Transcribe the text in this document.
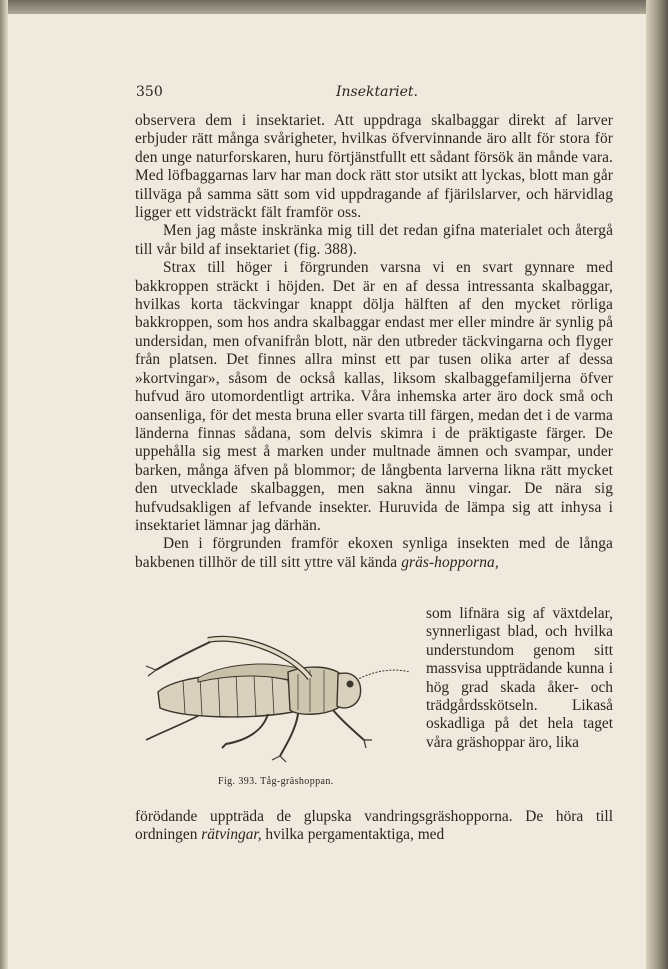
350	Insektariet.

observera dem i insektariet. Att uppdraga skalbaggar direkt af larver erbjuder rätt många svårigheter, hvilkas öfvervinnande äro allt för stora för den unge naturforskaren, huru förtjänstfullt ett sådant försök än månde vara. Med löfbaggarnas larv har man dock rätt stor utsikt att lyckas, blott man går tillväga på samma sätt som vid uppdragande af fjärilslarver, och härvidlag ligger ett vidsträckt fält framför oss.

Men jag måste inskränka mig till det redan gifna materialet och återgå till vår bild af insektariet (fig. 388).

Strax till höger i förgrunden varsna vi en svart gynnare med bakkroppen sträckt i höjden. Det är en af dessa intressanta skalbaggar, hvilkas korta täckvingar knappt dölja hälften af den mycket rörliga bakkroppen, som hos andra skalbaggar endast mer eller mindre är synlig på undersidan, men ofvanifrån blott, när den utbreder täckvingarna och flyger från platsen. Det finnes allra minst ett par tusen olika arter af dessa »kortvingar», såsom de också kallas, liksom skalbaggefamiljerna öfver hufvud äro utomordentligt artrika. Våra inhemska arter äro dock små och oansenliga, för det mesta bruna eller svarta till färgen, medan det i de varma länderna finnas sådana, som delvis skimra i de präktigaste färger. De uppehålla sig mest å marken under multnade ämnen och svampar, under barken, många äfven på blommor; de långbenta larverna likna rätt mycket den utvecklade skalbaggen, men sakna ännu vingar. De nära sig hufvudsakligen af lefvande insekter. Huruvida de lämpa sig att inhysa i insektariet lämnar jag därhän.

Den i förgrunden framför ekoxen synliga insekten med de långa bakbenen tillhör de till sitt yttre väl kända gräs-hopporna,

Fig. 393. Tåg-gräshoppan.
som lifnära sig af växtdelar, synnerligast blad, och hvilka understundom genom sitt massvisa uppträdande kunna i hög grad skada åker- och trädgårdsskötseln. Likaså oskadliga på det hela taget våra gräshoppar äro, lika
förödande uppträda de glupska vandringsgräshopporna. De höra till ordningen rätvingar, hvilka pergamentaktiga, med
